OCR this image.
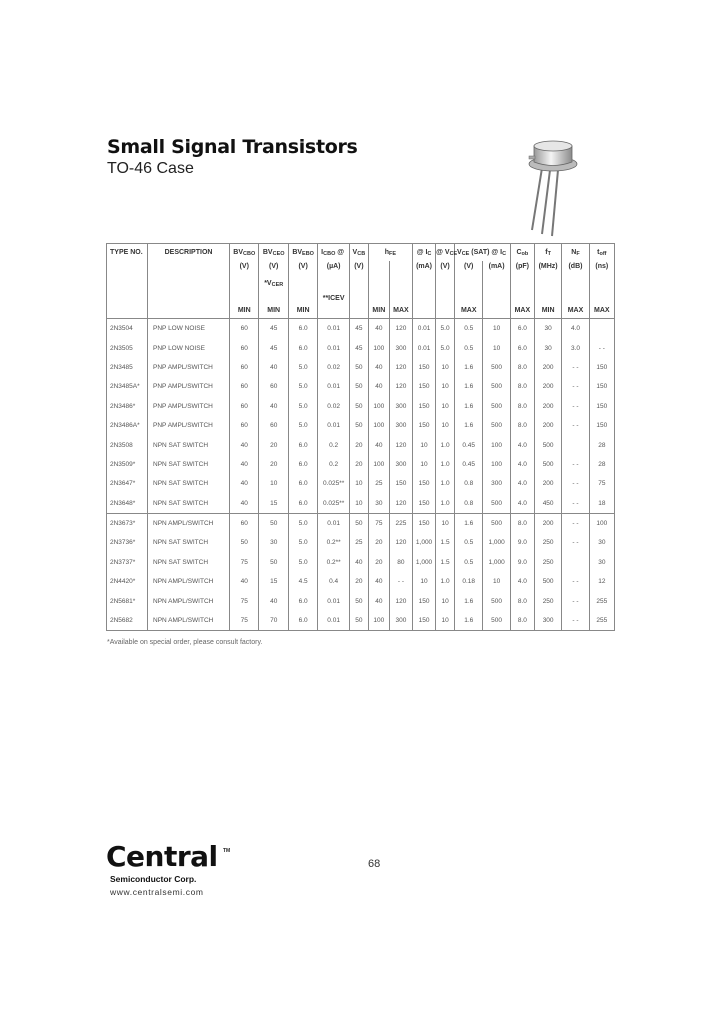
Small Signal Transistors
TO-46 Case
TYPE NO.	DESCRIPTION	$BV_{CBO}$	$BV_{CEO}$	$BV_{EBO}$	$I_{CBO}$ @	$V_{CB}$	$h_{FE}$		@ $I_C$	@ $V_{CE}$	$V_{CE}$ (SAT) @ $I_C$		$C_{ob}$	$f_T$	$N_F$	$t_{off}$
		(V)	(V)	(V)	(µA)	(V)			(mA)	(V)	(V)	(mA)	(pF)	(MHz)	(dB)	(ns)
			$*V_{CER}$		**ICEV											
		MIN	MIN	MIN			MIN	MAX			MAX		MAX	MIN	MAX	MAX
2N3504	PNP LOW NOISE	60	45	6.0	0.01	45	40	120	0.01	5.0	0.5	10	6.0	30	4.0	
2N3505	PNP LOW NOISE	60	45	6.0	0.01	45	100	300	0.01	5.0	0.5	10	6.0	30	3.0	- -
2N3485	PNP AMPL/SWITCH	60	40	5.0	0.02	50	40	120	150	10	1.6	500	8.0	200	- -	150
2N3485A*	PNP AMPL/SWITCH	60	60	5.0	0.01	50	40	120	150	10	1.6	500	8.0	200	- -	150
2N3486*	PNP AMPL/SWITCH	60	40	5.0	0.02	50	100	300	150	10	1.6	500	8.0	200	- -	150
2N3486A*	PNP AMPL/SWITCH	60	60	5.0	0.01	50	100	300	150	10	1.6	500	8.0	200	- -	150
2N3508	NPN SAT SWITCH	40	20	6.0	0.2	20	40	120	10	1.0	0.45	100	4.0	500		28
2N3509*	NPN SAT SWITCH	40	20	6.0	0.2	20	100	300	10	1.0	0.45	100	4.0	500	- -	28
2N3647*	NPN SAT SWITCH	40	10	6.0	0.025**	10	25	150	150	1.0	0.8	300	4.0	200	- -	75
2N3648*	NPN SAT SWITCH	40	15	6.0	0.025**	10	30	120	150	1.0	0.8	500	4.0	450	- -	18
2N3673*	NPN AMPL/SWITCH	60	50	5.0	0.01	50	75	225	150	10	1.6	500	8.0	200	- -	100
2N3736*	NPN SAT SWITCH	50	30	5.0	0.2**	25	20	120	1,000	1.5	0.5	1,000	9.0	250	- -	30
2N3737*	NPN SAT SWITCH	75	50	5.0	0.2**	40	20	80	1,000	1.5	0.5	1,000	9.0	250		30
2N4420*	NPN AMPL/SWITCH	40	15	4.5	0.4	20	40	- -	10	1.0	0.18	10	4.0	500	- -	12
2N5681*	NPN AMPL/SWITCH	75	40	6.0	0.01	50	40	120	150	10	1.6	500	8.0	250	- -	255
2N5682	NPN AMPL/SWITCH	75	70	6.0	0.01	50	100	300	150	10	1.6	500	8.0	300	- -	255
*Available on special order, please consult factory.
68
Central TM
Semiconductor Corp.
www.centralsemi.com
